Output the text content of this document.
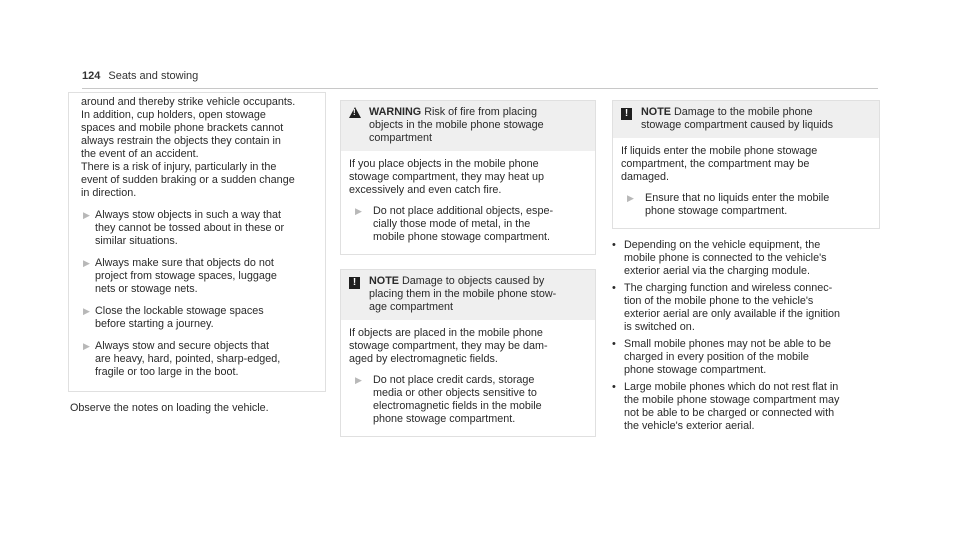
124 Seats and stowing

around and thereby strike vehicle occupants.
In addition, cup holders, open stowage
spaces and mobile phone brackets cannot
always restrain the objects they contain in
the event of an accident.

There is a risk of injury, particularly in the
event of sudden braking or a sudden change
in direction.

▶ Always stow objects in such a way that
they cannot be tossed about in these or
similar situations.

▶ Always make sure that objects do not
project from stowage spaces, luggage
nets or stowage nets.

▶ Close the lockable stowage spaces
before starting a journey.

▶ Always stow and secure objects that
are heavy, hard, pointed, sharp-edged,
fragile or too large in the boot.

Observe the notes on loading the vehicle.

!

WARNING Risk of fire from placing
objects in the mobile phone stowage
compartment

If you place objects in the mobile phone
stowage compartment, they may heat up
excessively and even catch fire.

▶	Do not place additional objects, espe-
cially those mode of metal, in the
mobile phone stowage compartment.

!	NOTE Damage to objects caused by
placing them in the mobile phone stow-
age compartment

If objects are placed in the mobile phone
stowage compartment, they may be dam-
aged by electromagnetic fields.

▶	Do not place credit cards, storage
media or other objects sensitive to
electromagnetic fields in the mobile
phone stowage compartment.

!	NOTE Damage to the mobile phone
stowage compartment caused by liquids

If liquids enter the mobile phone stowage
compartment, the compartment may be
damaged.

▶	Ensure that no liquids enter the mobile
phone stowage compartment.

• Depending on the vehicle equipment, the
mobile phone is connected to the vehicle's
exterior aerial via the charging module.

• The charging function and wireless connec-
tion of the mobile phone to the vehicle's
exterior aerial are only available if the ignition
is switched on.

• Small mobile phones may not be able to be
charged in every position of the mobile
phone stowage compartment.

• Large mobile phones which do not rest flat in
the mobile phone stowage compartment may
not be able to be charged or connected with
the vehicle's exterior aerial.
